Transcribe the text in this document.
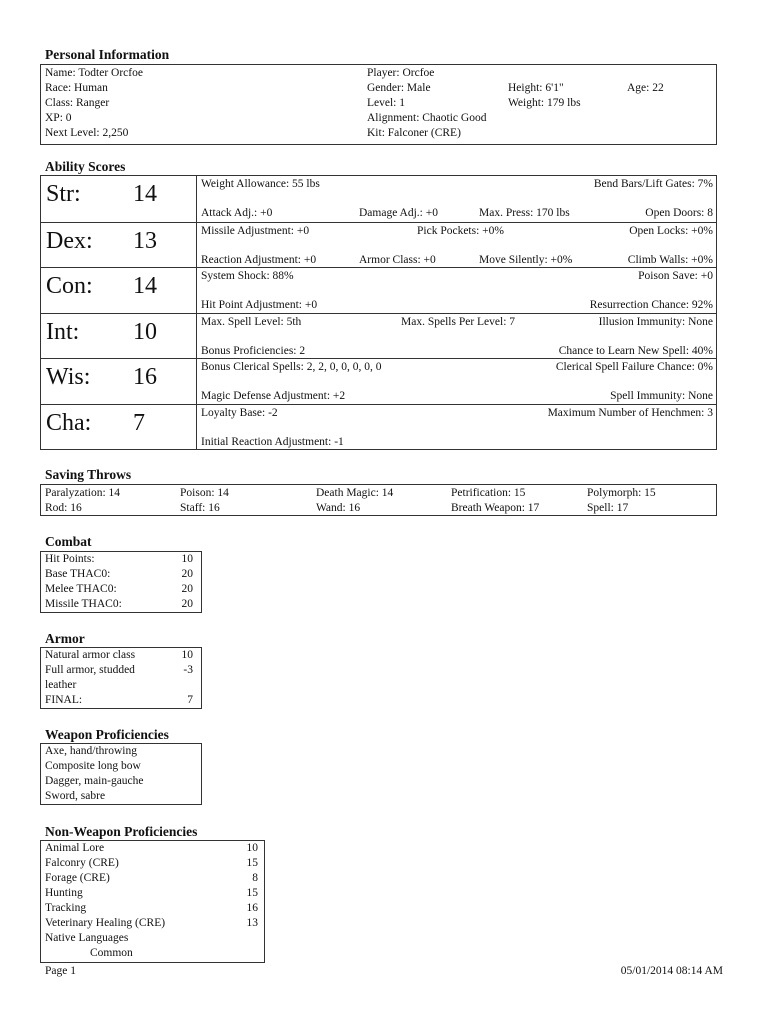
Personal Information
Name: Todter Orcfoe
Race: Human
Class: Ranger
XP: 0
Next Level: 2,250
Player: Orcfoe
Gender: Male
Level: 1
Alignment: Chaotic Good
Kit: Falconer (CRE)
Height: 6'1"
Weight: 179 lbs
Age: 22
Ability Scores
Str: 14	Weight Allowance: 55 lbs	Bend Bars/Lift Gates: 7%
Attack Adj.: +0	Damage Adj.: +0	Max. Press: 170 lbs	Open Doors: 8
Dex: 13	Missile Adjustment: +0	Pick Pockets: +0%	Open Locks: +0%
Reaction Adjustment: +0	Armor Class: +0	Move Silently: +0%	Climb Walls: +0%
Con: 14	System Shock: 88%	Poison Save: +0
Hit Point Adjustment: +0	Resurrection Chance: 92%
Int: 10	Max. Spell Level: 5th	Max. Spells Per Level: 7	Illusion Immunity: None
Bonus Proficiencies: 2	Chance to Learn New Spell: 40%
Wis: 16	Bonus Clerical Spells: 2, 2, 0, 0, 0, 0, 0	Clerical Spell Failure Chance: 0%
Magic Defense Adjustment: +2	Spell Immunity: None
Cha: 7	Loyalty Base: -2	Maximum Number of Henchmen: 3
Initial Reaction Adjustment: -1
Saving Throws
Paralyzation: 14	Poison: 14	Death Magic: 14	Petrification: 15	Polymorph: 15
Rod: 16	Staff: 16	Wand: 16	Breath Weapon: 17	Spell: 17
Combat
Hit Points:	10
Base THAC0:	20
Melee THAC0:	20
Missile THAC0:	20
Armor
Natural armor class	10
Full armor, studded	-3
leather
FINAL:	7
Weapon Proficiencies
Axe, hand/throwing
Composite long bow
Dagger, main-gauche
Sword, sabre
Non-Weapon Proficiencies
Animal Lore	10
Falconry (CRE)	15
Forage (CRE)	8
Hunting	15
Tracking	16
Veterinary Healing (CRE)	13
Native Languages
Common
Page 1	05/01/2014 08:14 AM
